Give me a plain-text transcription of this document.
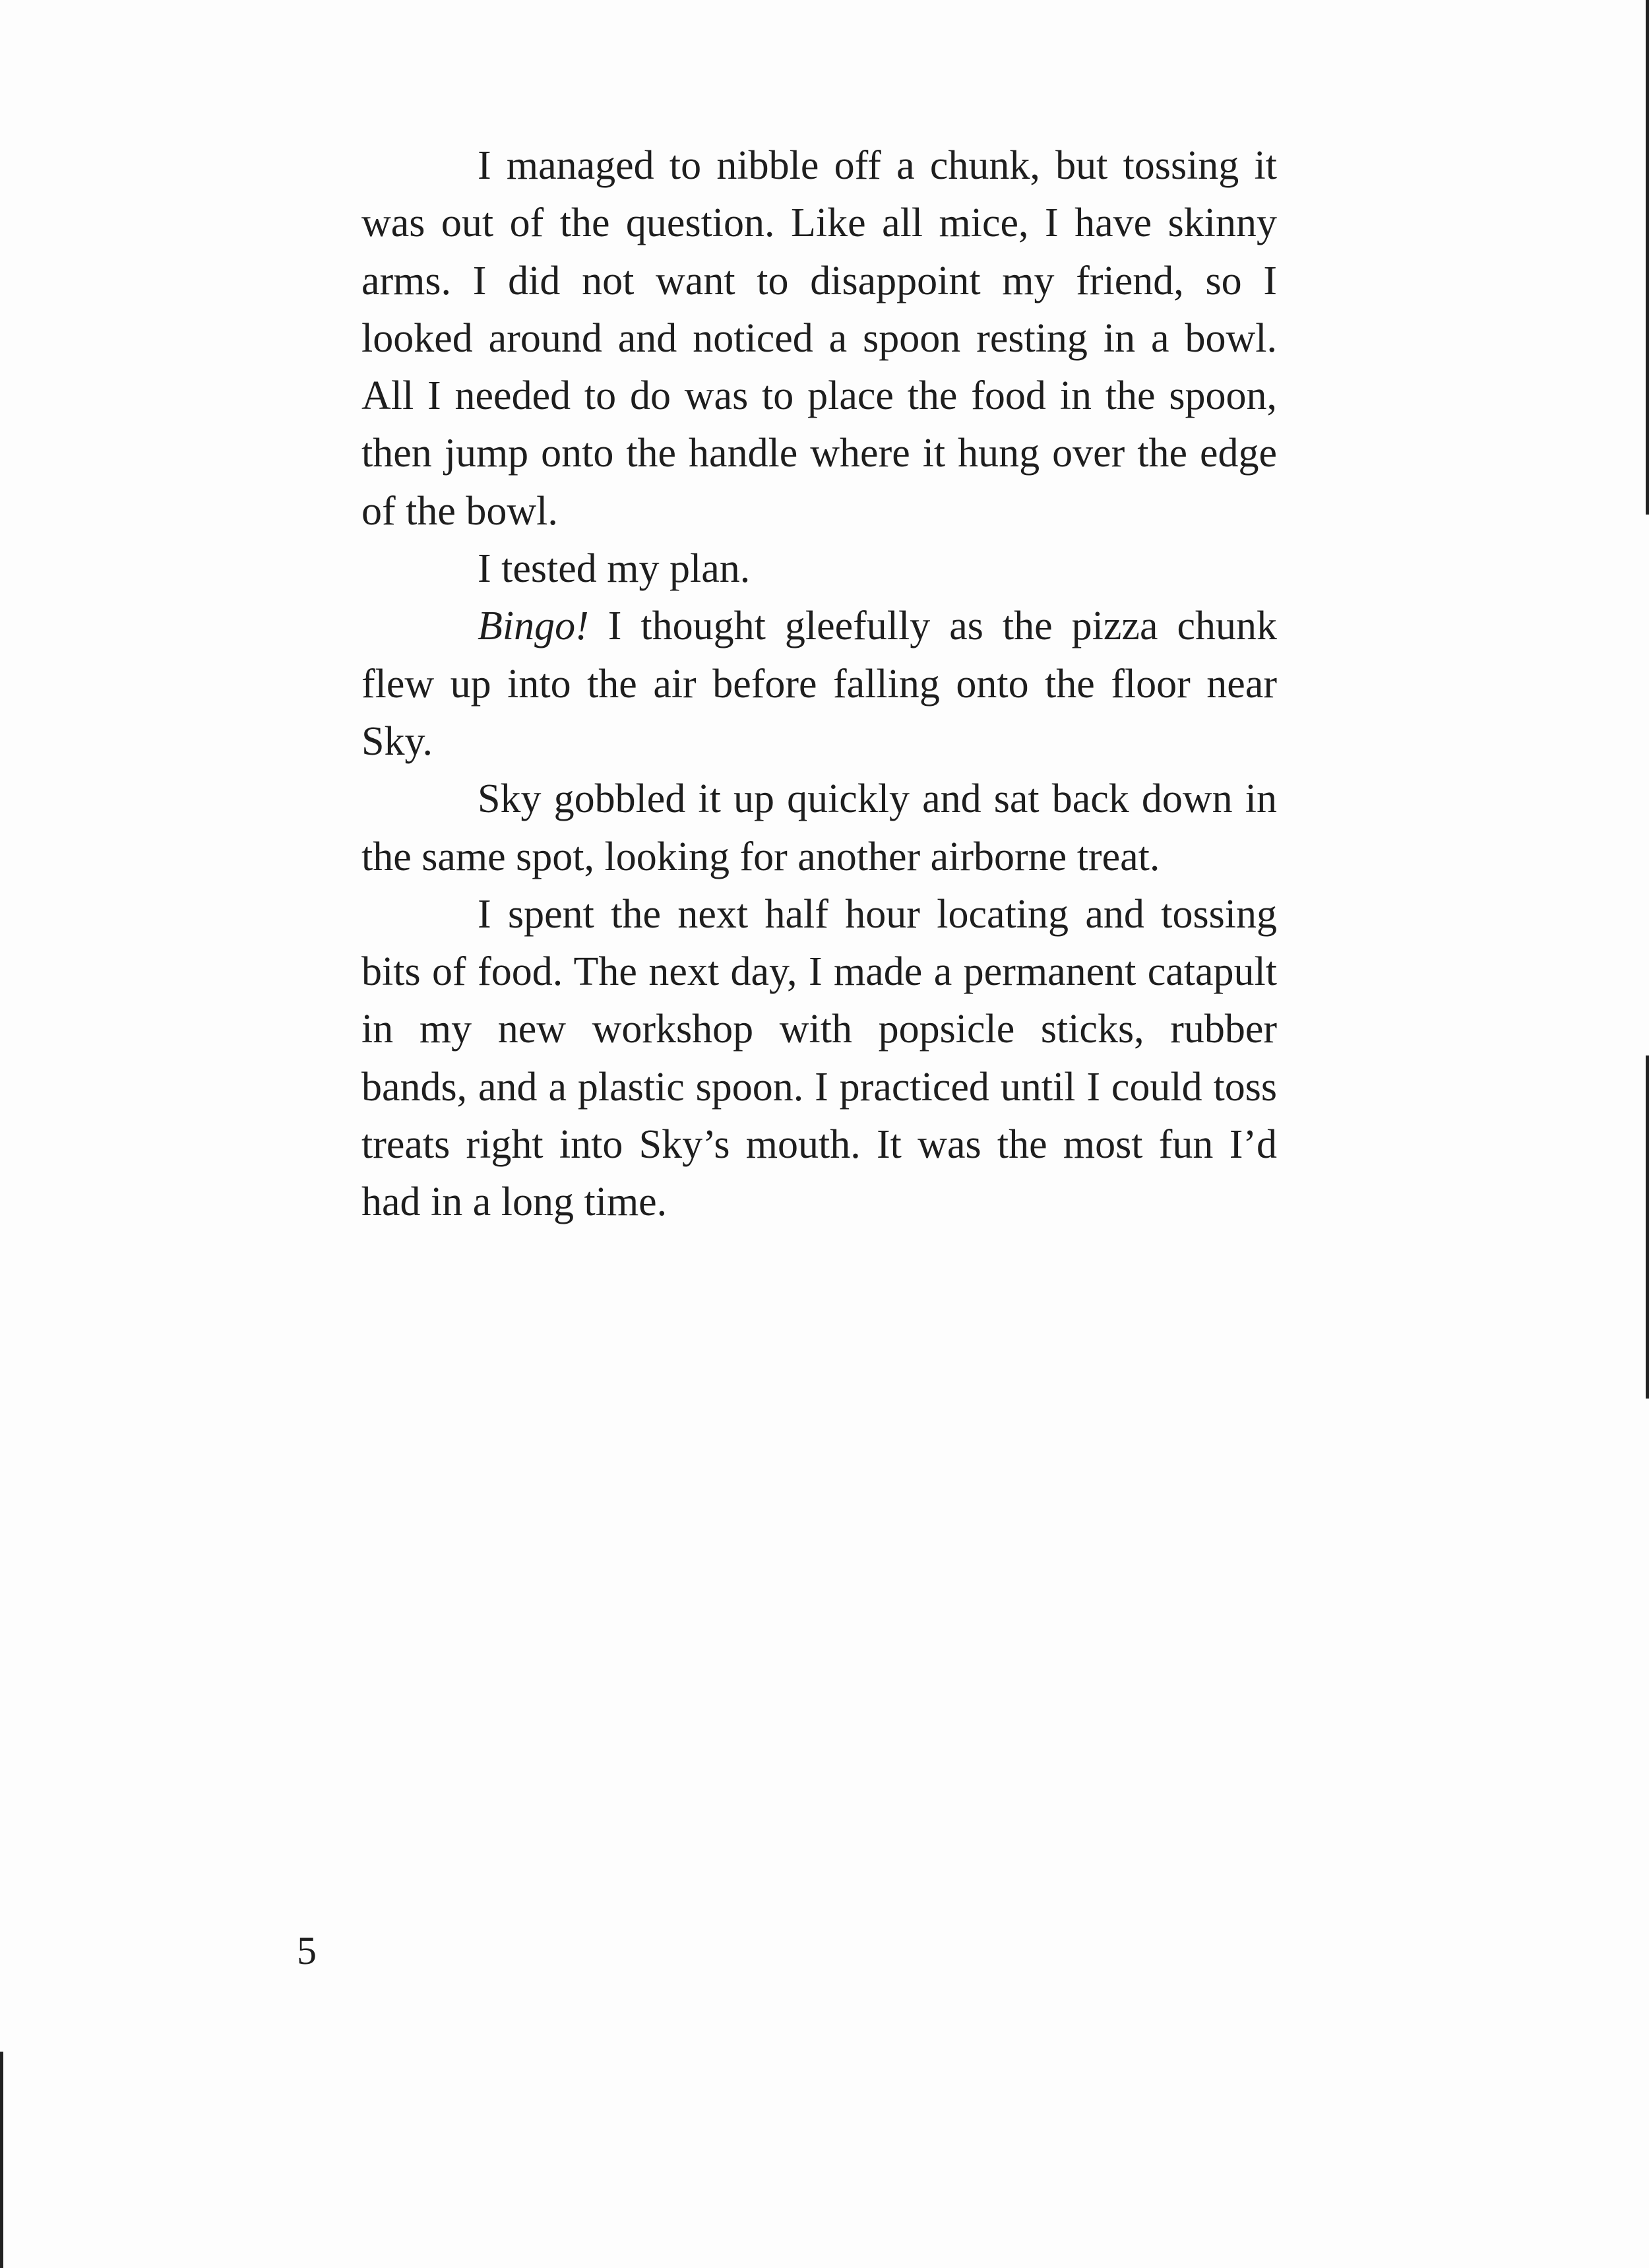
I managed to nibble off a chunk, but tossing it was out of the question. Like all mice, I have skinny arms. I did not want to disappoint my friend, so I looked around and noticed a spoon resting in a bowl. All I needed to do was to place the food in the spoon, then jump onto the handle where it hung over the edge of the bowl.

I tested my plan.

Bingo! I thought gleefully as the pizza chunk flew up into the air before falling onto the floor near Sky.

Sky gobbled it up quickly and sat back down in the same spot, looking for another airborne treat.

I spent the next half hour locating and tossing bits of food. The next day, I made a permanent catapult in my new workshop with popsicle sticks, rubber bands, and a plastic spoon. I practiced until I could toss treats right into Sky’s mouth. It was the most fun I’d had in a long time.

5
